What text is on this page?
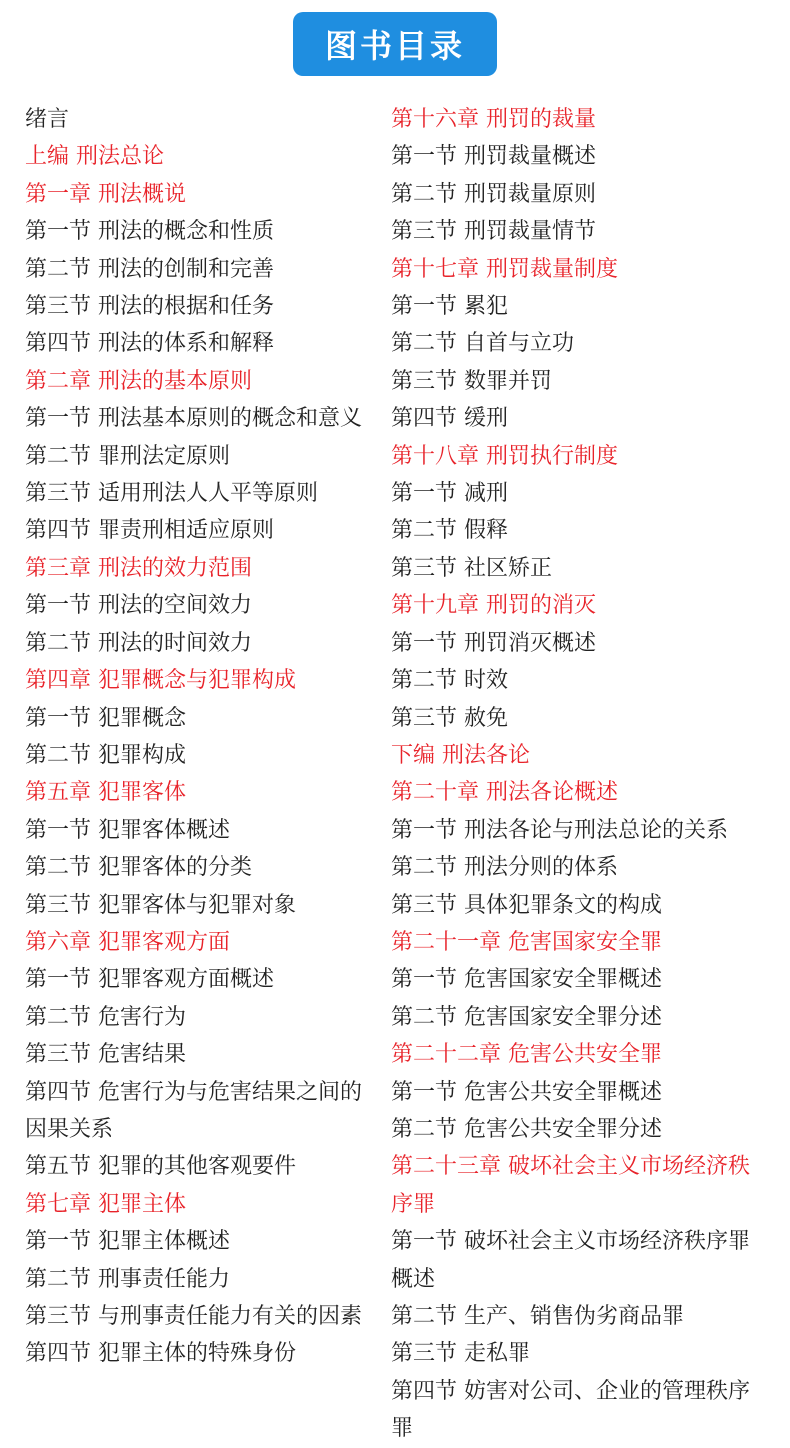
图书目录

绪言

上编 刑法总论

第一章 刑法概说

第一节 刑法的概念和性质

第二节 刑法的创制和完善

第三节 刑法的根据和任务

第四节 刑法的体系和解释

第二章 刑法的基本原则

第一节 刑法基本原则的概念和意义

第二节 罪刑法定原则

第三节 适用刑法人人平等原则

第四节 罪责刑相适应原则

第三章 刑法的效力范围

第一节 刑法的空间效力

第二节 刑法的时间效力

第四章 犯罪概念与犯罪构成

第一节 犯罪概念

第二节 犯罪构成

第五章 犯罪客体

第一节 犯罪客体概述

第二节 犯罪客体的分类

第三节 犯罪客体与犯罪对象

第六章 犯罪客观方面

第一节 犯罪客观方面概述

第二节 危害行为

第三节 危害结果

第四节 危害行为与危害结果之间的因果关系

第五节 犯罪的其他客观要件

第七章 犯罪主体

第一节 犯罪主体概述

第二节 刑事责任能力

第三节 与刑事责任能力有关的因素

第四节 犯罪主体的特殊身份

第十六章 刑罚的裁量

第一节 刑罚裁量概述

第二节 刑罚裁量原则

第三节 刑罚裁量情节

第十七章 刑罚裁量制度

第一节 累犯

第二节 自首与立功

第三节 数罪并罚

第四节 缓刑

第十八章 刑罚执行制度

第一节 减刑

第二节 假释

第三节 社区矫正

第十九章 刑罚的消灭

第一节 刑罚消灭概述

第二节 时效

第三节 赦免

下编 刑法各论

第二十章 刑法各论概述

第一节 刑法各论与刑法总论的关系

第二节 刑法分则的体系

第三节 具体犯罪条文的构成

第二十一章 危害国家安全罪

第一节 危害国家安全罪概述

第二节 危害国家安全罪分述

第二十二章 危害公共安全罪

第一节 危害公共安全罪概述

第二节 危害公共安全罪分述

第二十三章 破坏社会主义市场经济秩序罪

第一节 破坏社会主义市场经济秩序罪概述

第二节 生产、销售伪劣商品罪

第三节 走私罪

第四节 妨害对公司、企业的管理秩序罪
